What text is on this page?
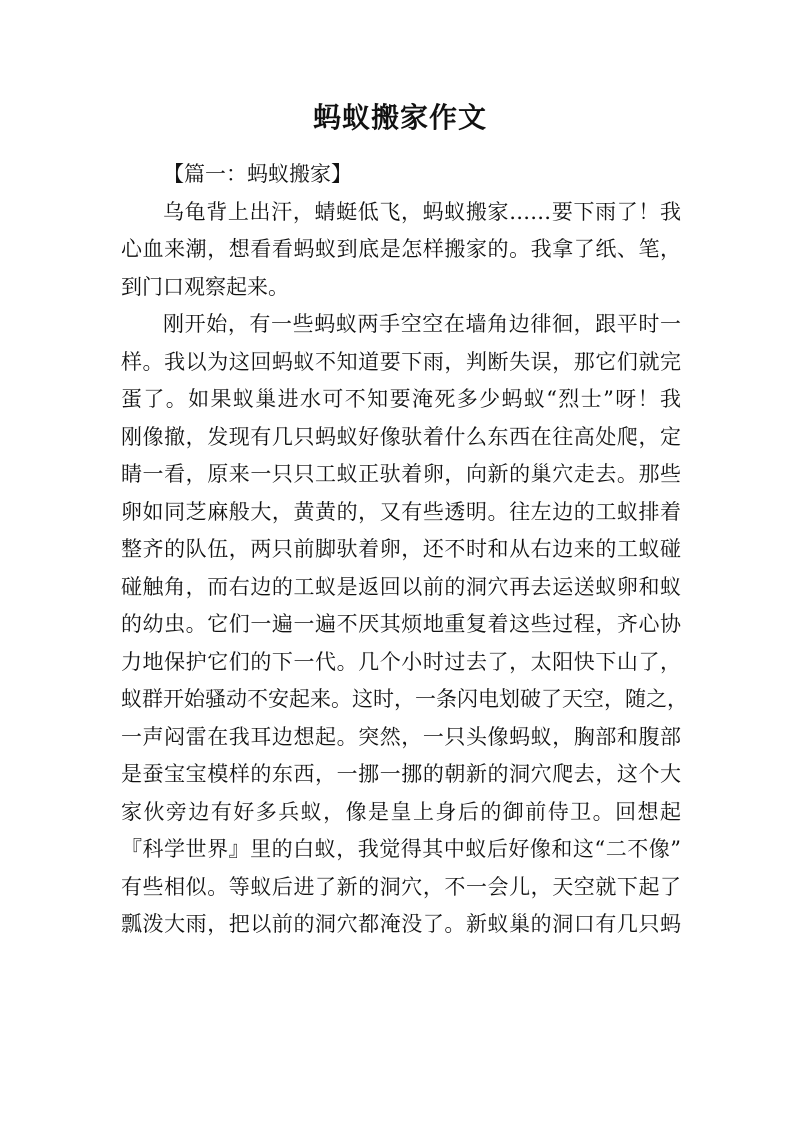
蚂蚁搬家作文
【篇一：蚂蚁搬家】
乌龟背上出汗，蜻蜓低飞，蚂蚁搬家……要下雨了！我
心血来潮，想看看蚂蚁到底是怎样搬家的。我拿了纸、笔，
到门口观察起来。
刚开始，有一些蚂蚁两手空空在墙角边徘徊，跟平时一
样。我以为这回蚂蚁不知道要下雨，判断失误，那它们就完
蛋了。如果蚁巢进水可不知要淹死多少蚂蚁“烈士”呀！我
刚像撤，发现有几只蚂蚁好像驮着什么东西在往高处爬，定
睛一看，原来一只只工蚁正驮着卵，向新的巢穴走去。那些
卵如同芝麻般大，黄黄的，又有些透明。往左边的工蚁排着
整齐的队伍，两只前脚驮着卵，还不时和从右边来的工蚁碰
碰触角，而右边的工蚁是返回以前的洞穴再去运送蚁卵和蚁
的幼虫。它们一遍一遍不厌其烦地重复着这些过程，齐心协
力地保护它们的下一代。几个小时过去了，太阳快下山了，
蚁群开始骚动不安起来。这时，一条闪电划破了天空，随之，
一声闷雷在我耳边想起。突然，一只头像蚂蚁，胸部和腹部
是蚕宝宝模样的东西，一挪一挪的朝新的洞穴爬去，这个大
家伙旁边有好多兵蚁，像是皇上身后的御前侍卫。回想起
『科学世界』里的白蚁，我觉得其中蚁后好像和这“二不像”
有些相似。等蚁后进了新的洞穴，不一会儿，天空就下起了
瓢泼大雨，把以前的洞穴都淹没了。新蚁巢的洞口有几只蚂
